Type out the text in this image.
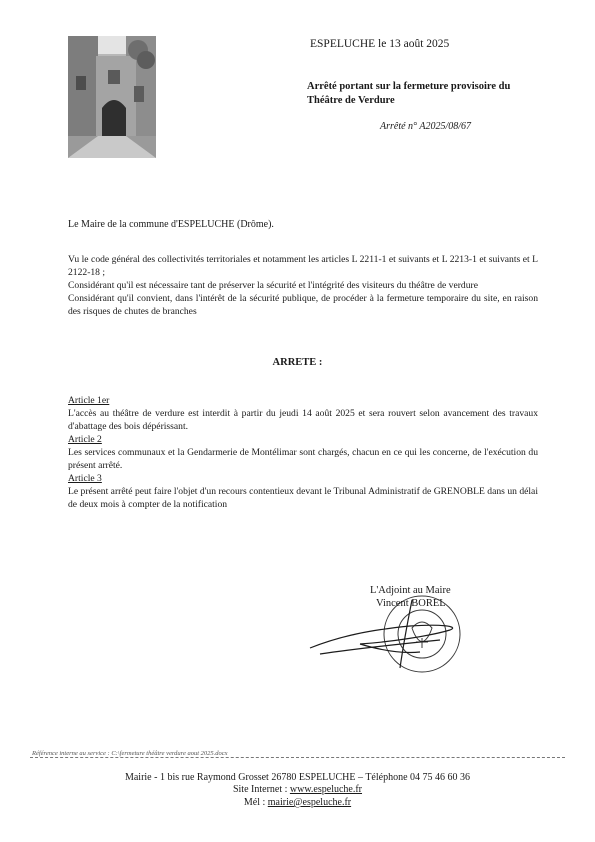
ESPELUCHE le 13 août 2025
Arrêté portant sur la fermeture provisoire du
Théâtre de Verdure
Arrêté n° A2025/08/67
Le Maire de la commune d'ESPELUCHE (Drôme).

Vu le code général des collectivités territoriales et notamment les articles L 2211-1 et suivants et L 2213-1 et suivants et L 2122-18 ;

Considérant qu'il est nécessaire tant de préserver la sécurité et l'intégrité des visiteurs du théâtre de verdure

Considérant qu'il convient, dans l'intérêt de la sécurité publique, de procéder à la fermeture temporaire du site, en raison des risques de chutes de branches

ARRETE :
Article 1er

L'accès au théâtre de verdure est interdit à partir du jeudi 14 août 2025 et sera rouvert selon avancement des travaux d'abattage des bois dépérissant.

Article 2

Les services communaux et la Gendarmerie de Montélimar sont chargés, chacun en ce qui les concerne, de l'exécution du présent arrêté.

Article 3

Le présent arrêté peut faire l'objet d'un recours contentieux devant le Tribunal Administratif de GRENOBLE dans un délai de deux mois à compter de la notification

L'Adjoint au Maire
Vincent BOREL
Référence interne au service : C:\fermeture théâtre verdure aout 2025.docx
Mairie - 1 bis rue Raymond Grosset 26780 ESPELUCHE – Téléphone 04 75 46 60 36
Site Internet : www.espeluche.fr
Mél : mairie@espeluche.fr
